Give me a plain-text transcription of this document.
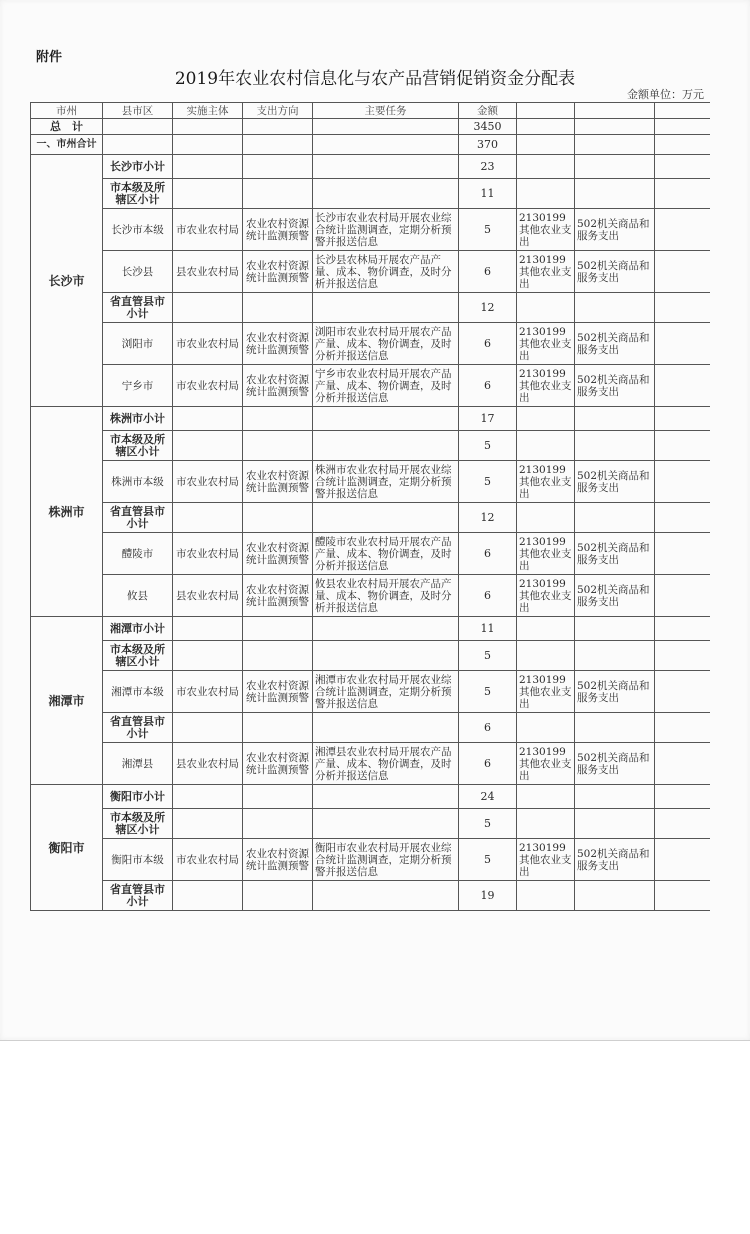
附件
2019年农业农村信息化与农产品营销促销资金分配表
金额单位：万元
市州	县市区	实施主体	支出方向	主要任务	金额			
总　计					3450			
一、市州合计					370			
长沙市	长沙市小计				23			
	市本级及所辖区小计				11			
	长沙市本级	市农业农村局	农业农村资源统计监测预警	长沙市农业农村局开展农业综合统计监测调查，定期分析预警并报送信息	5	2130199其他农业支出	502机关商品和服务支出	
	长沙县	县农业农村局	农业农村资源统计监测预警	长沙县农林局开展农产品产量、成本、物价调查，及时分析并报送信息	6	2130199其他农业支出	502机关商品和服务支出	
	省直管县市小计				12			
	浏阳市	市农业农村局	农业农村资源统计监测预警	浏阳市农业农村局开展农产品产量、成本、物价调查，及时分析并报送信息	6	2130199其他农业支出	502机关商品和服务支出	
	宁乡市	市农业农村局	农业农村资源统计监测预警	宁乡市农业农村局开展农产品产量、成本、物价调查，及时分析并报送信息	6	2130199其他农业支出	502机关商品和服务支出	
株洲市	株洲市小计				17			
	市本级及所辖区小计				5			
	株洲市本级	市农业农村局	农业农村资源统计监测预警	株洲市农业农村局开展农业综合统计监测调查，定期分析预警并报送信息	5	2130199其他农业支出	502机关商品和服务支出	
	省直管县市小计				12			
	醴陵市	市农业农村局	农业农村资源统计监测预警	醴陵市农业农村局开展农产品产量、成本、物价调查，及时分析并报送信息	6	2130199其他农业支出	502机关商品和服务支出	
	攸县	县农业农村局	农业农村资源统计监测预警	攸县农业农村局开展农产品产量、成本、物价调查，及时分析并报送信息	6	2130199其他农业支出	502机关商品和服务支出	
湘潭市	湘潭市小计				11			
	市本级及所辖区小计				5			
	湘潭市本级	市农业农村局	农业农村资源统计监测预警	湘潭市农业农村局开展农业综合统计监测调查，定期分析预警并报送信息	5	2130199其他农业支出	502机关商品和服务支出	
	省直管县市小计				6			
	湘潭县	县农业农村局	农业农村资源统计监测预警	湘潭县农业农村局开展农产品产量、成本、物价调查，及时分析并报送信息	6	2130199其他农业支出	502机关商品和服务支出	
衡阳市	衡阳市小计				24			
	市本级及所辖区小计				5			
	衡阳市本级	市农业农村局	农业农村资源统计监测预警	衡阳市农业农村局开展农业综合统计监测调查，定期分析预警并报送信息	5	2130199其他农业支出	502机关商品和服务支出	
	省直管县市小计				19			
